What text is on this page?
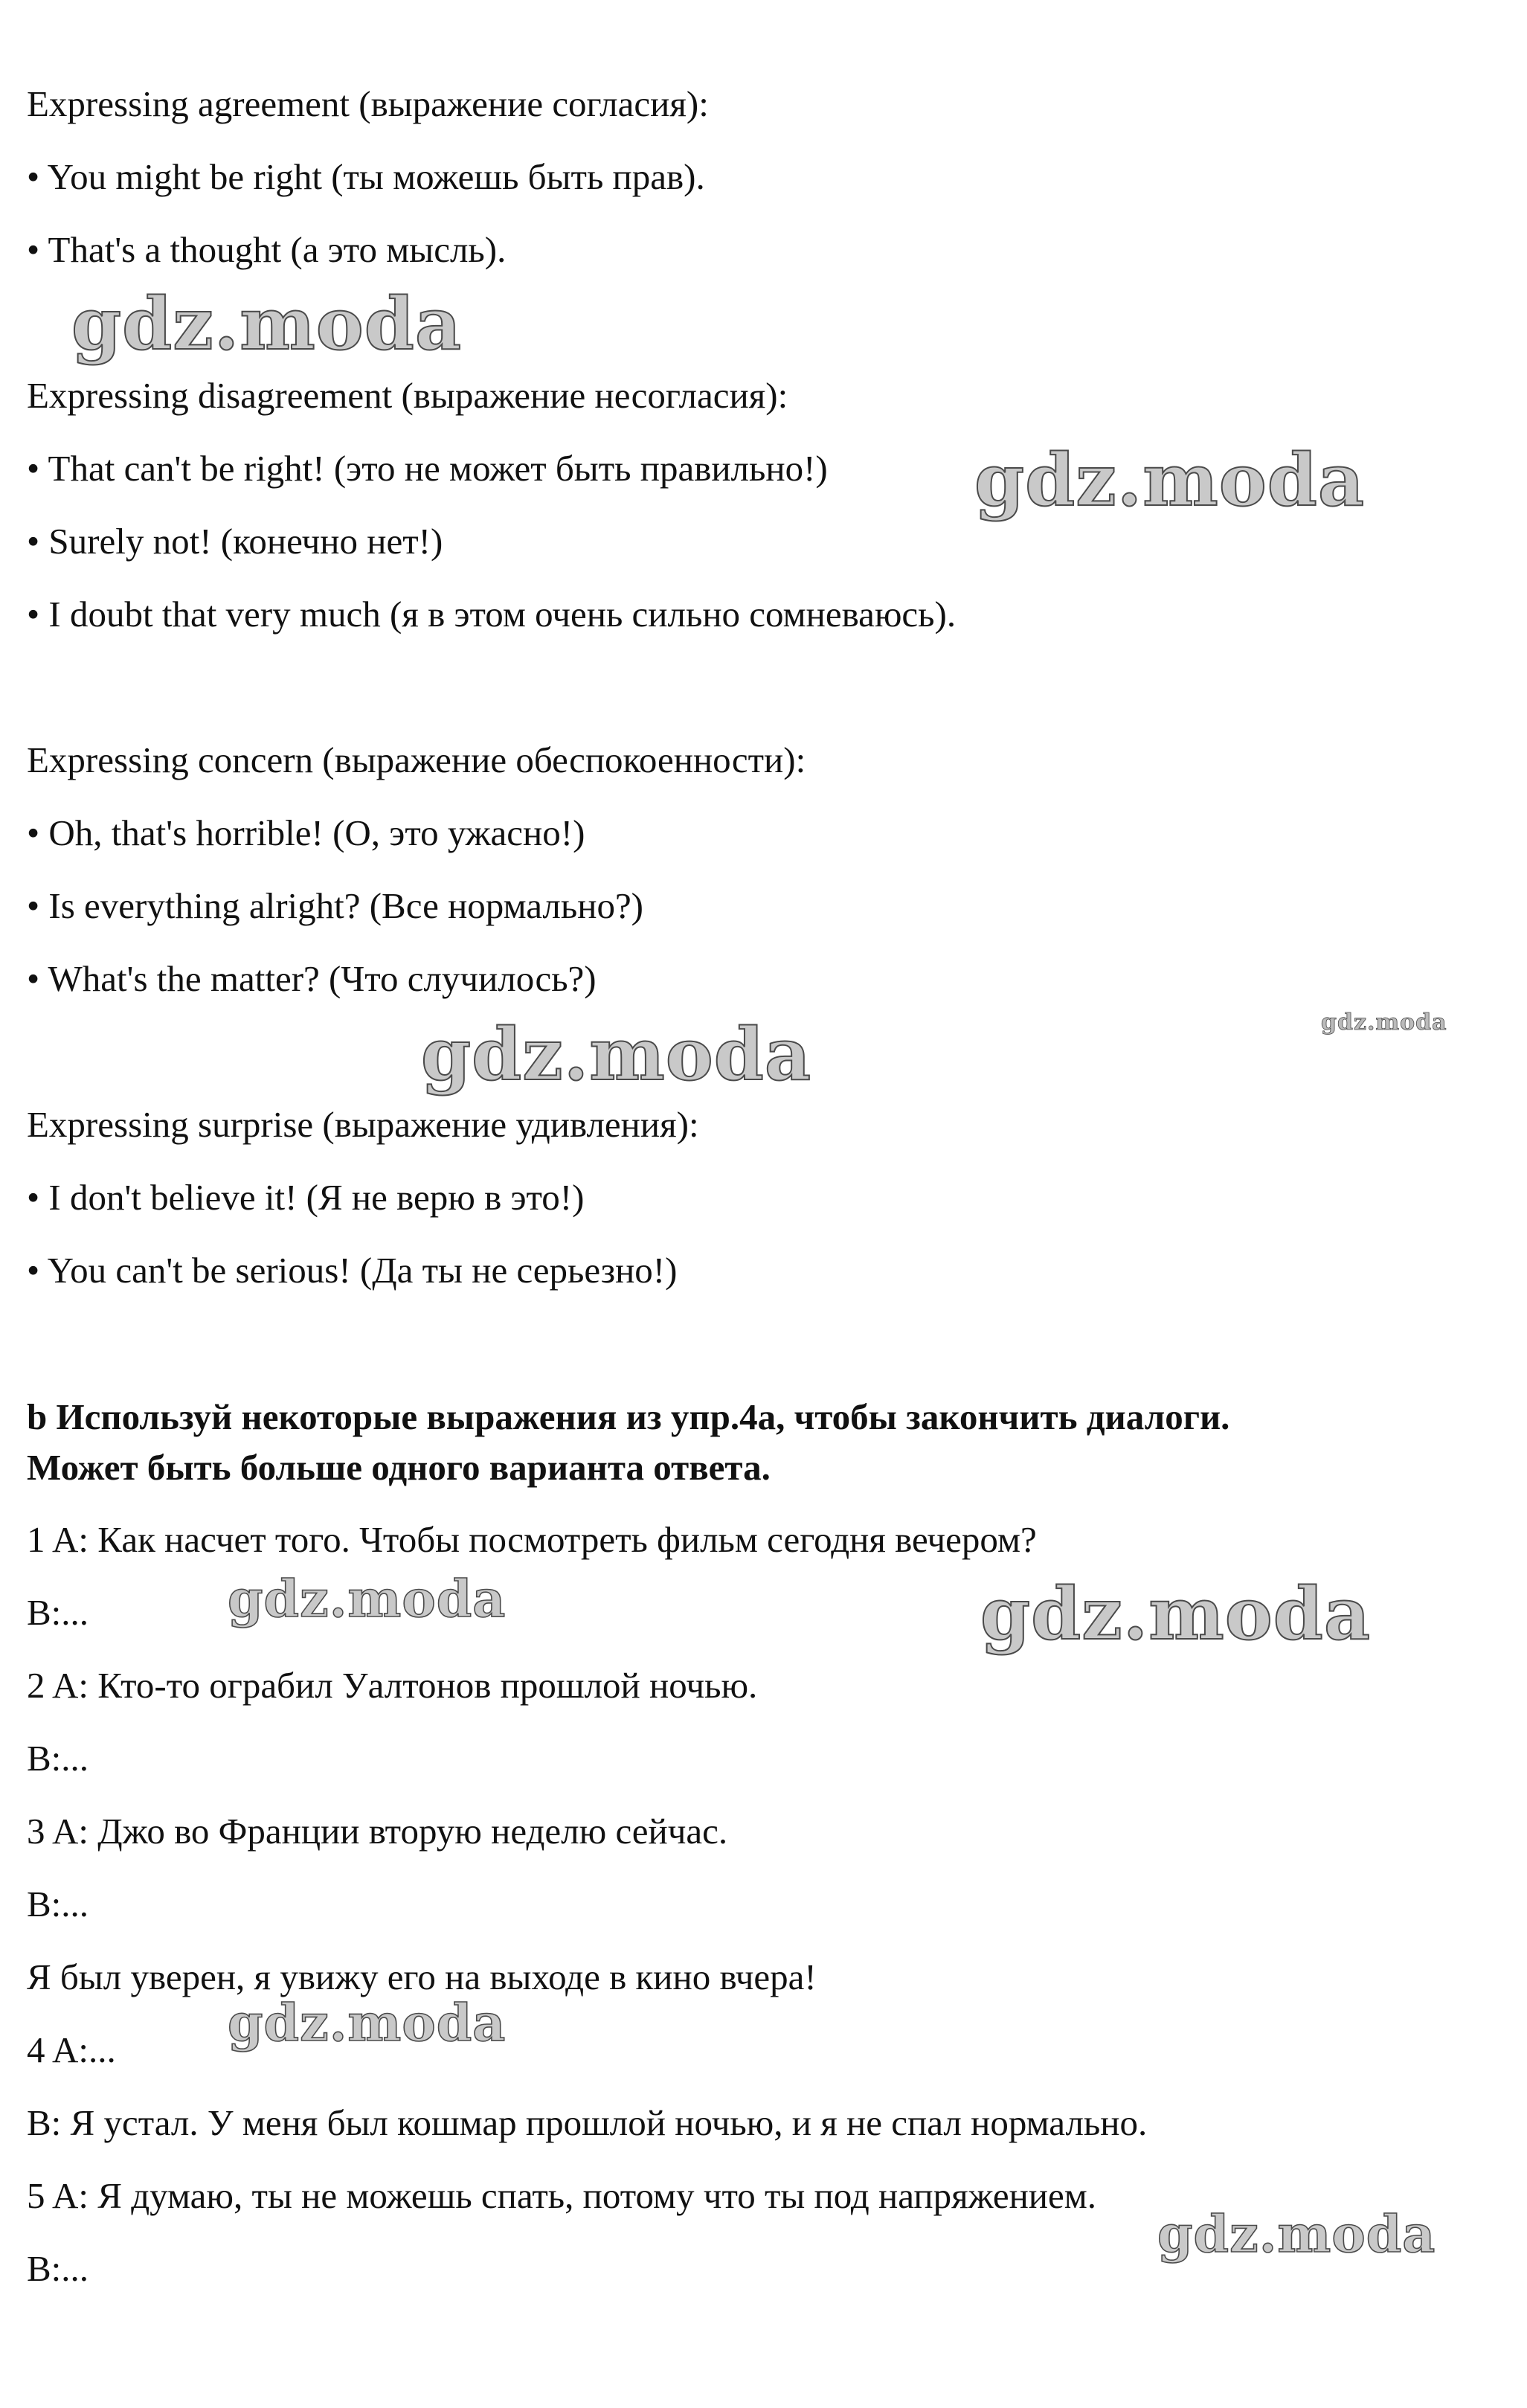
Expressing agreement (выражение согласия):
• You might be right (ты можешь быть прав).
• That's a thought (а это мысль).
Expressing disagreement (выражение несогласия):
• That can't be right! (это не может быть правильно!)
• Surely not! (конечно нет!)
• I doubt that very much (я в этом очень сильно сомневаюсь).
Expressing concern (выражение обеспокоенности):
• Oh, that's horrible! (О, это ужасно!)
• Is everything alright? (Все нормально?)
• What's the matter? (Что случилось?)
Expressing surprise (выражение удивления):
• I don't believe it! (Я не верю в это!)
• You can't be serious! (Да ты не серьезно!)
b Используй некоторые выражения из упр.4a, чтобы закончить диалоги.
Может быть больше одного варианта ответа.
1 A: Как насчет того. Чтобы посмотреть фильм сегодня вечером?
B:...
2 A: Кто-то ограбил Уалтонов прошлой ночью.
B:...
3 A: Джо во Франции вторую неделю сейчас.
B:...
Я был уверен, я увижу его на выходе в кино вчера!
4 A:...
B: Я устал. У меня был кошмар прошлой ночью, и я не спал нормально.
5 A: Я думаю, ты не можешь спать, потому что ты под напряжением.
B:...
gdz.moda
gdz.moda
gdz.moda	gdz.moda
gdz.moda	gdz.moda
gdz.moda
gdz.moda
